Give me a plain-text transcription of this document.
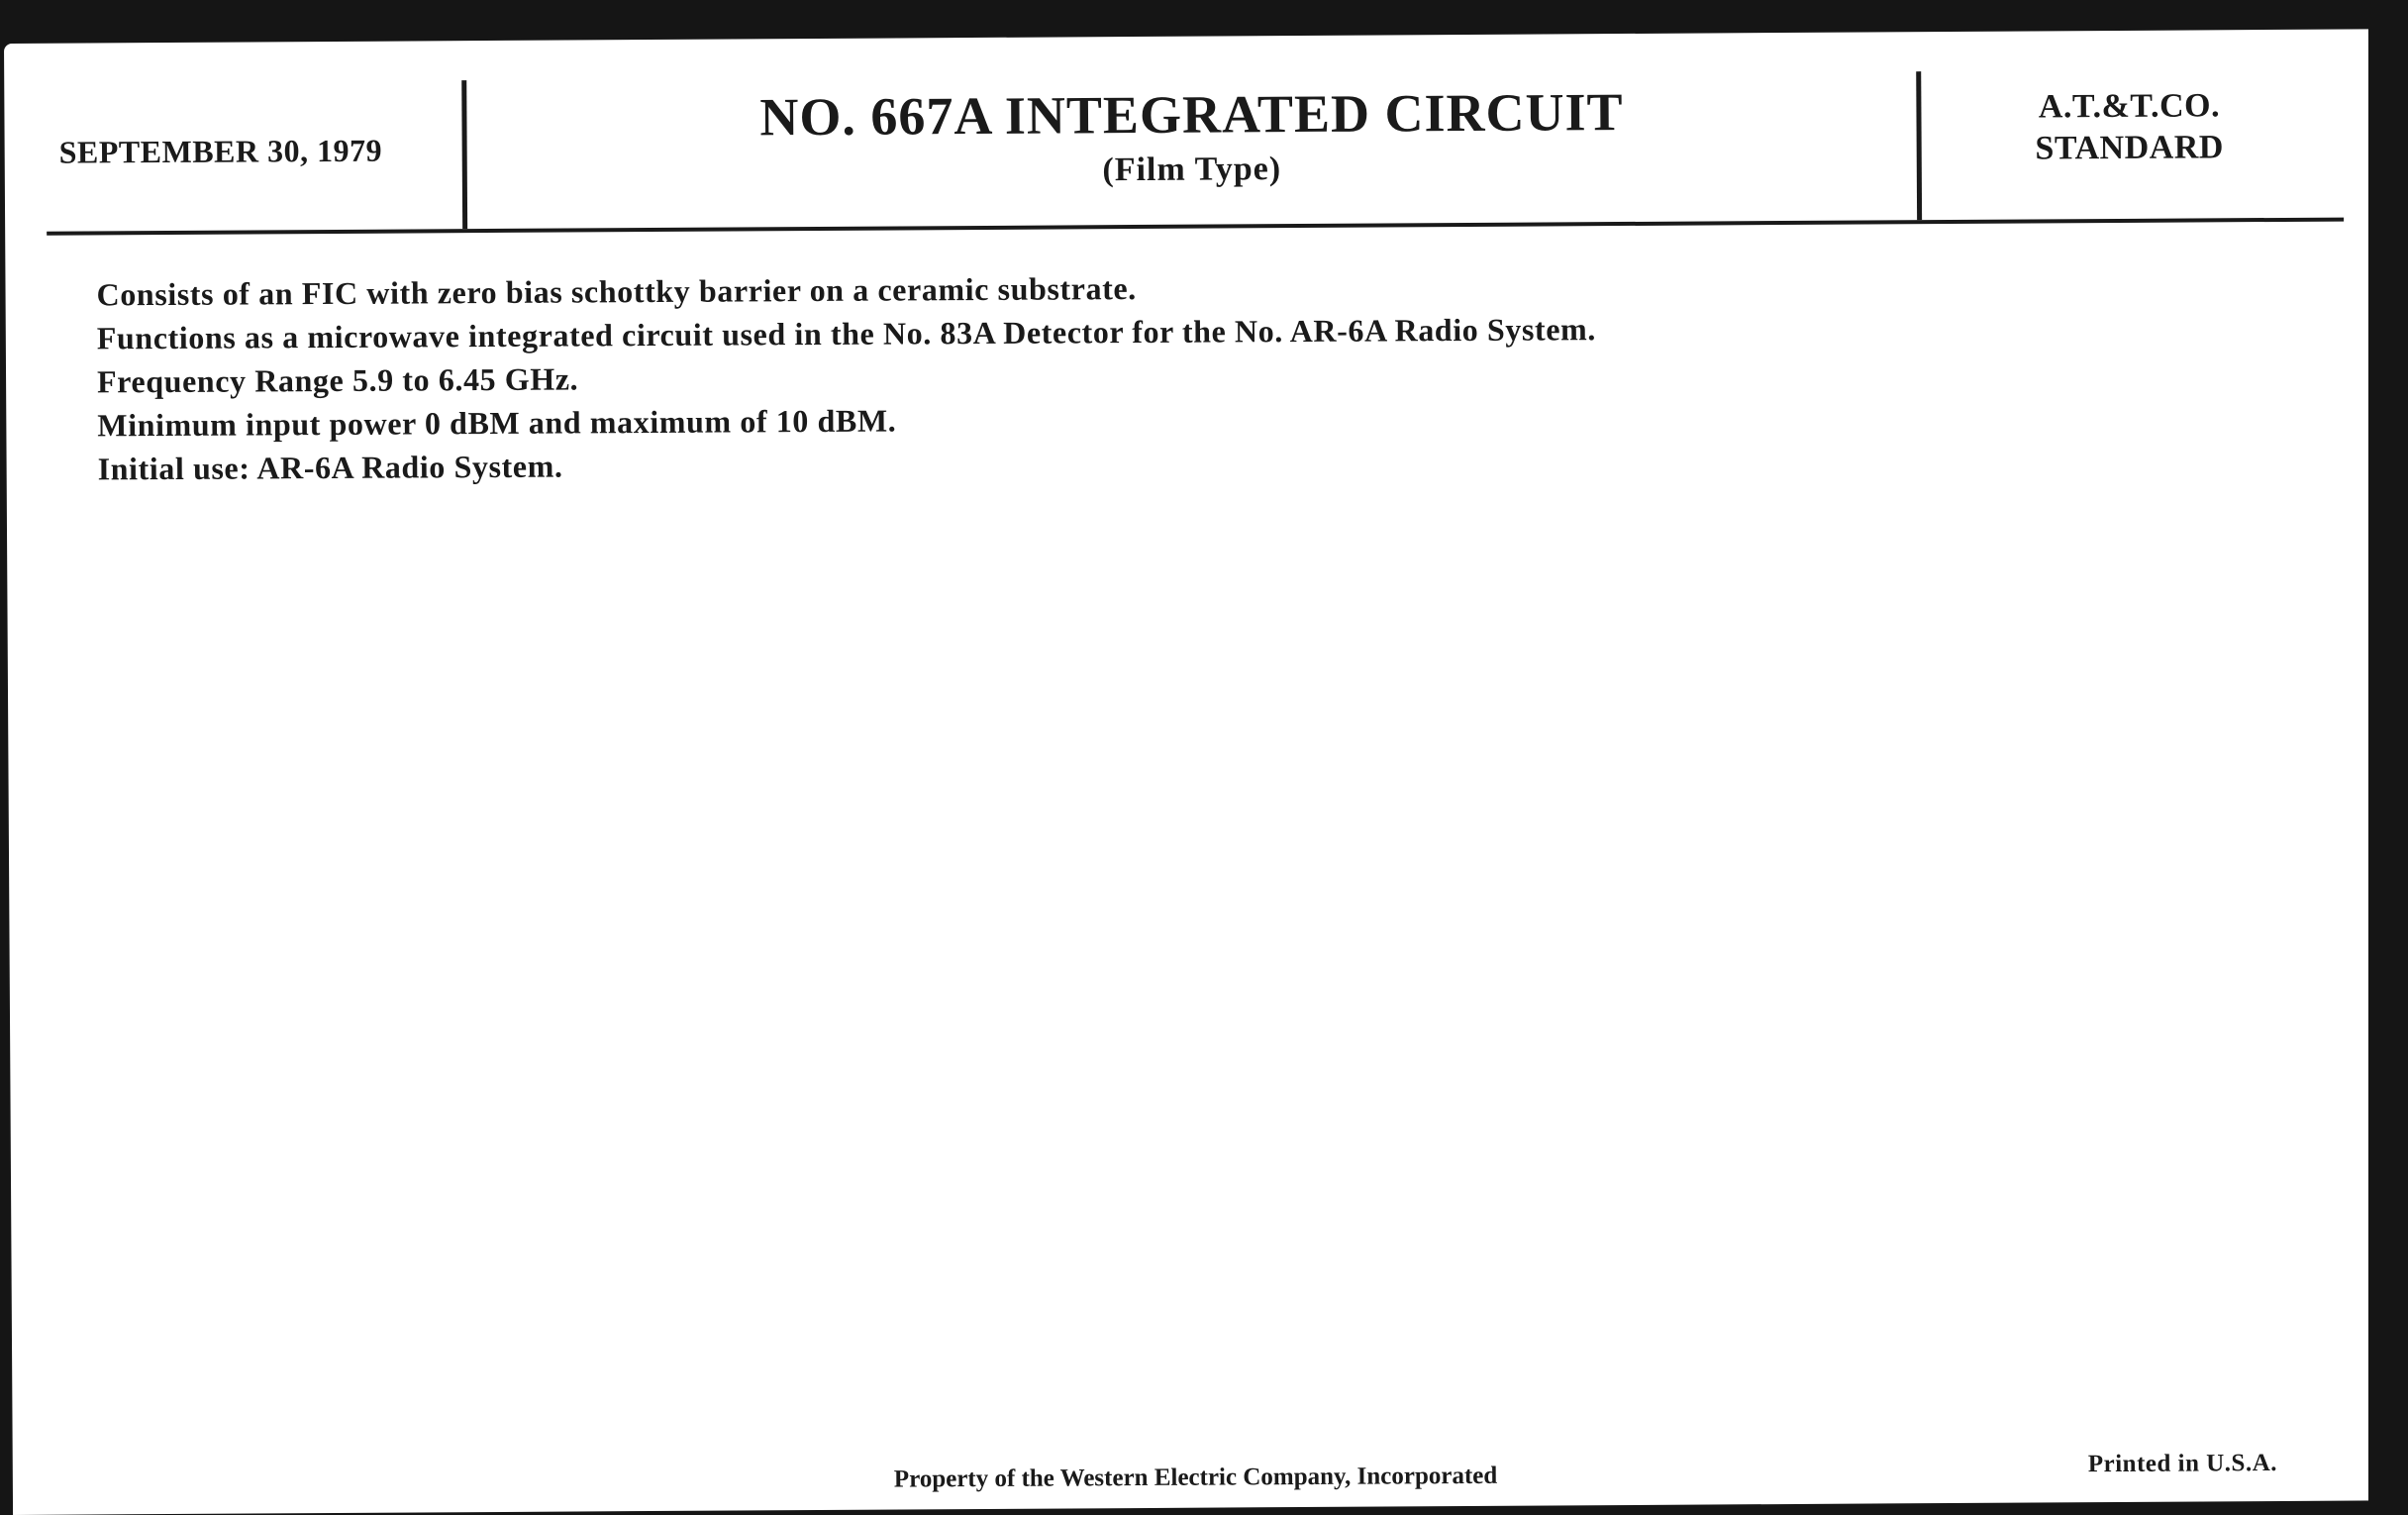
SEPTEMBER 30, 1979
NO. 667A INTEGRATED CIRCUIT
(Film Type)
A.T.&T.CO.
STANDARD
Consists of an FIC with zero bias schottky barrier on a ceramic substrate.
Functions as a microwave integrated circuit used in the No. 83A Detector for the No. AR-6A Radio System.
Frequency Range 5.9 to 6.45 GHz.
Minimum input power 0 dBM and maximum of 10 dBM.
Initial use: AR-6A Radio System.
Property of the Western Electric Company, Incorporated	Printed in U.S.A.
